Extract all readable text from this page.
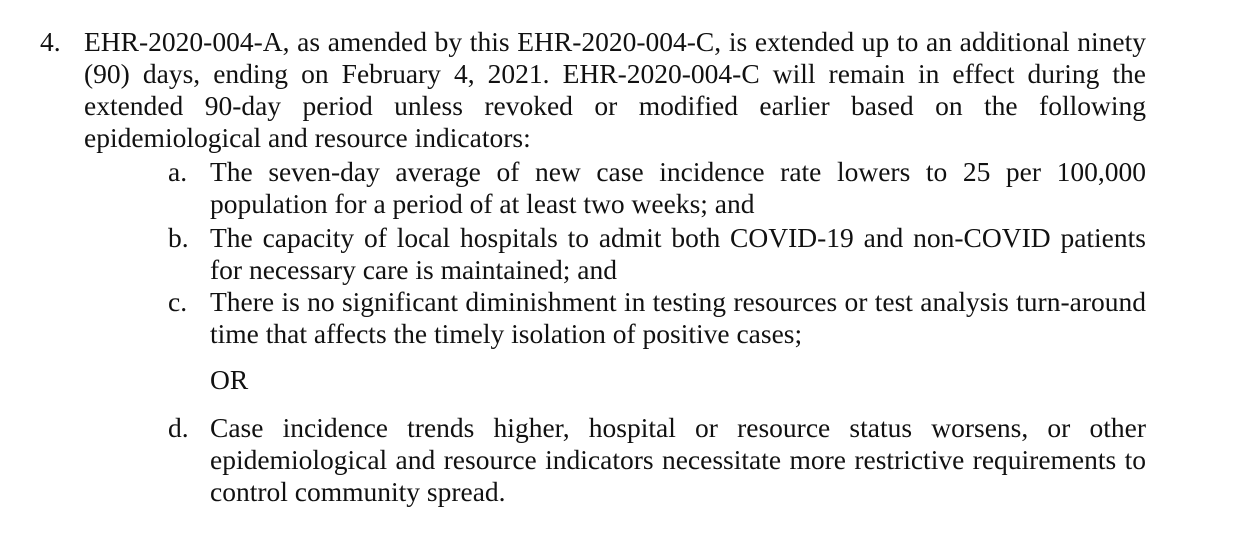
4. EHR-2020-004-A, as amended by this EHR-2020-004-C, is extended up to an additional ninety (90) days, ending on February 4, 2021. EHR-2020-004-C will remain in effect during the extended 90-day period unless revoked or modified earlier based on the following epidemiological and resource indicators:
a. The seven-day average of new case incidence rate lowers to 25 per 100,000 population for a period of at least two weeks; and
b. The capacity of local hospitals to admit both COVID-19 and non-COVID patients for necessary care is maintained; and
c. There is no significant diminishment in testing resources or test analysis turn-around time that affects the timely isolation of positive cases;
OR
d. Case incidence trends higher, hospital or resource status worsens, or other epidemiological and resource indicators necessitate more restrictive requirements to control community spread.
